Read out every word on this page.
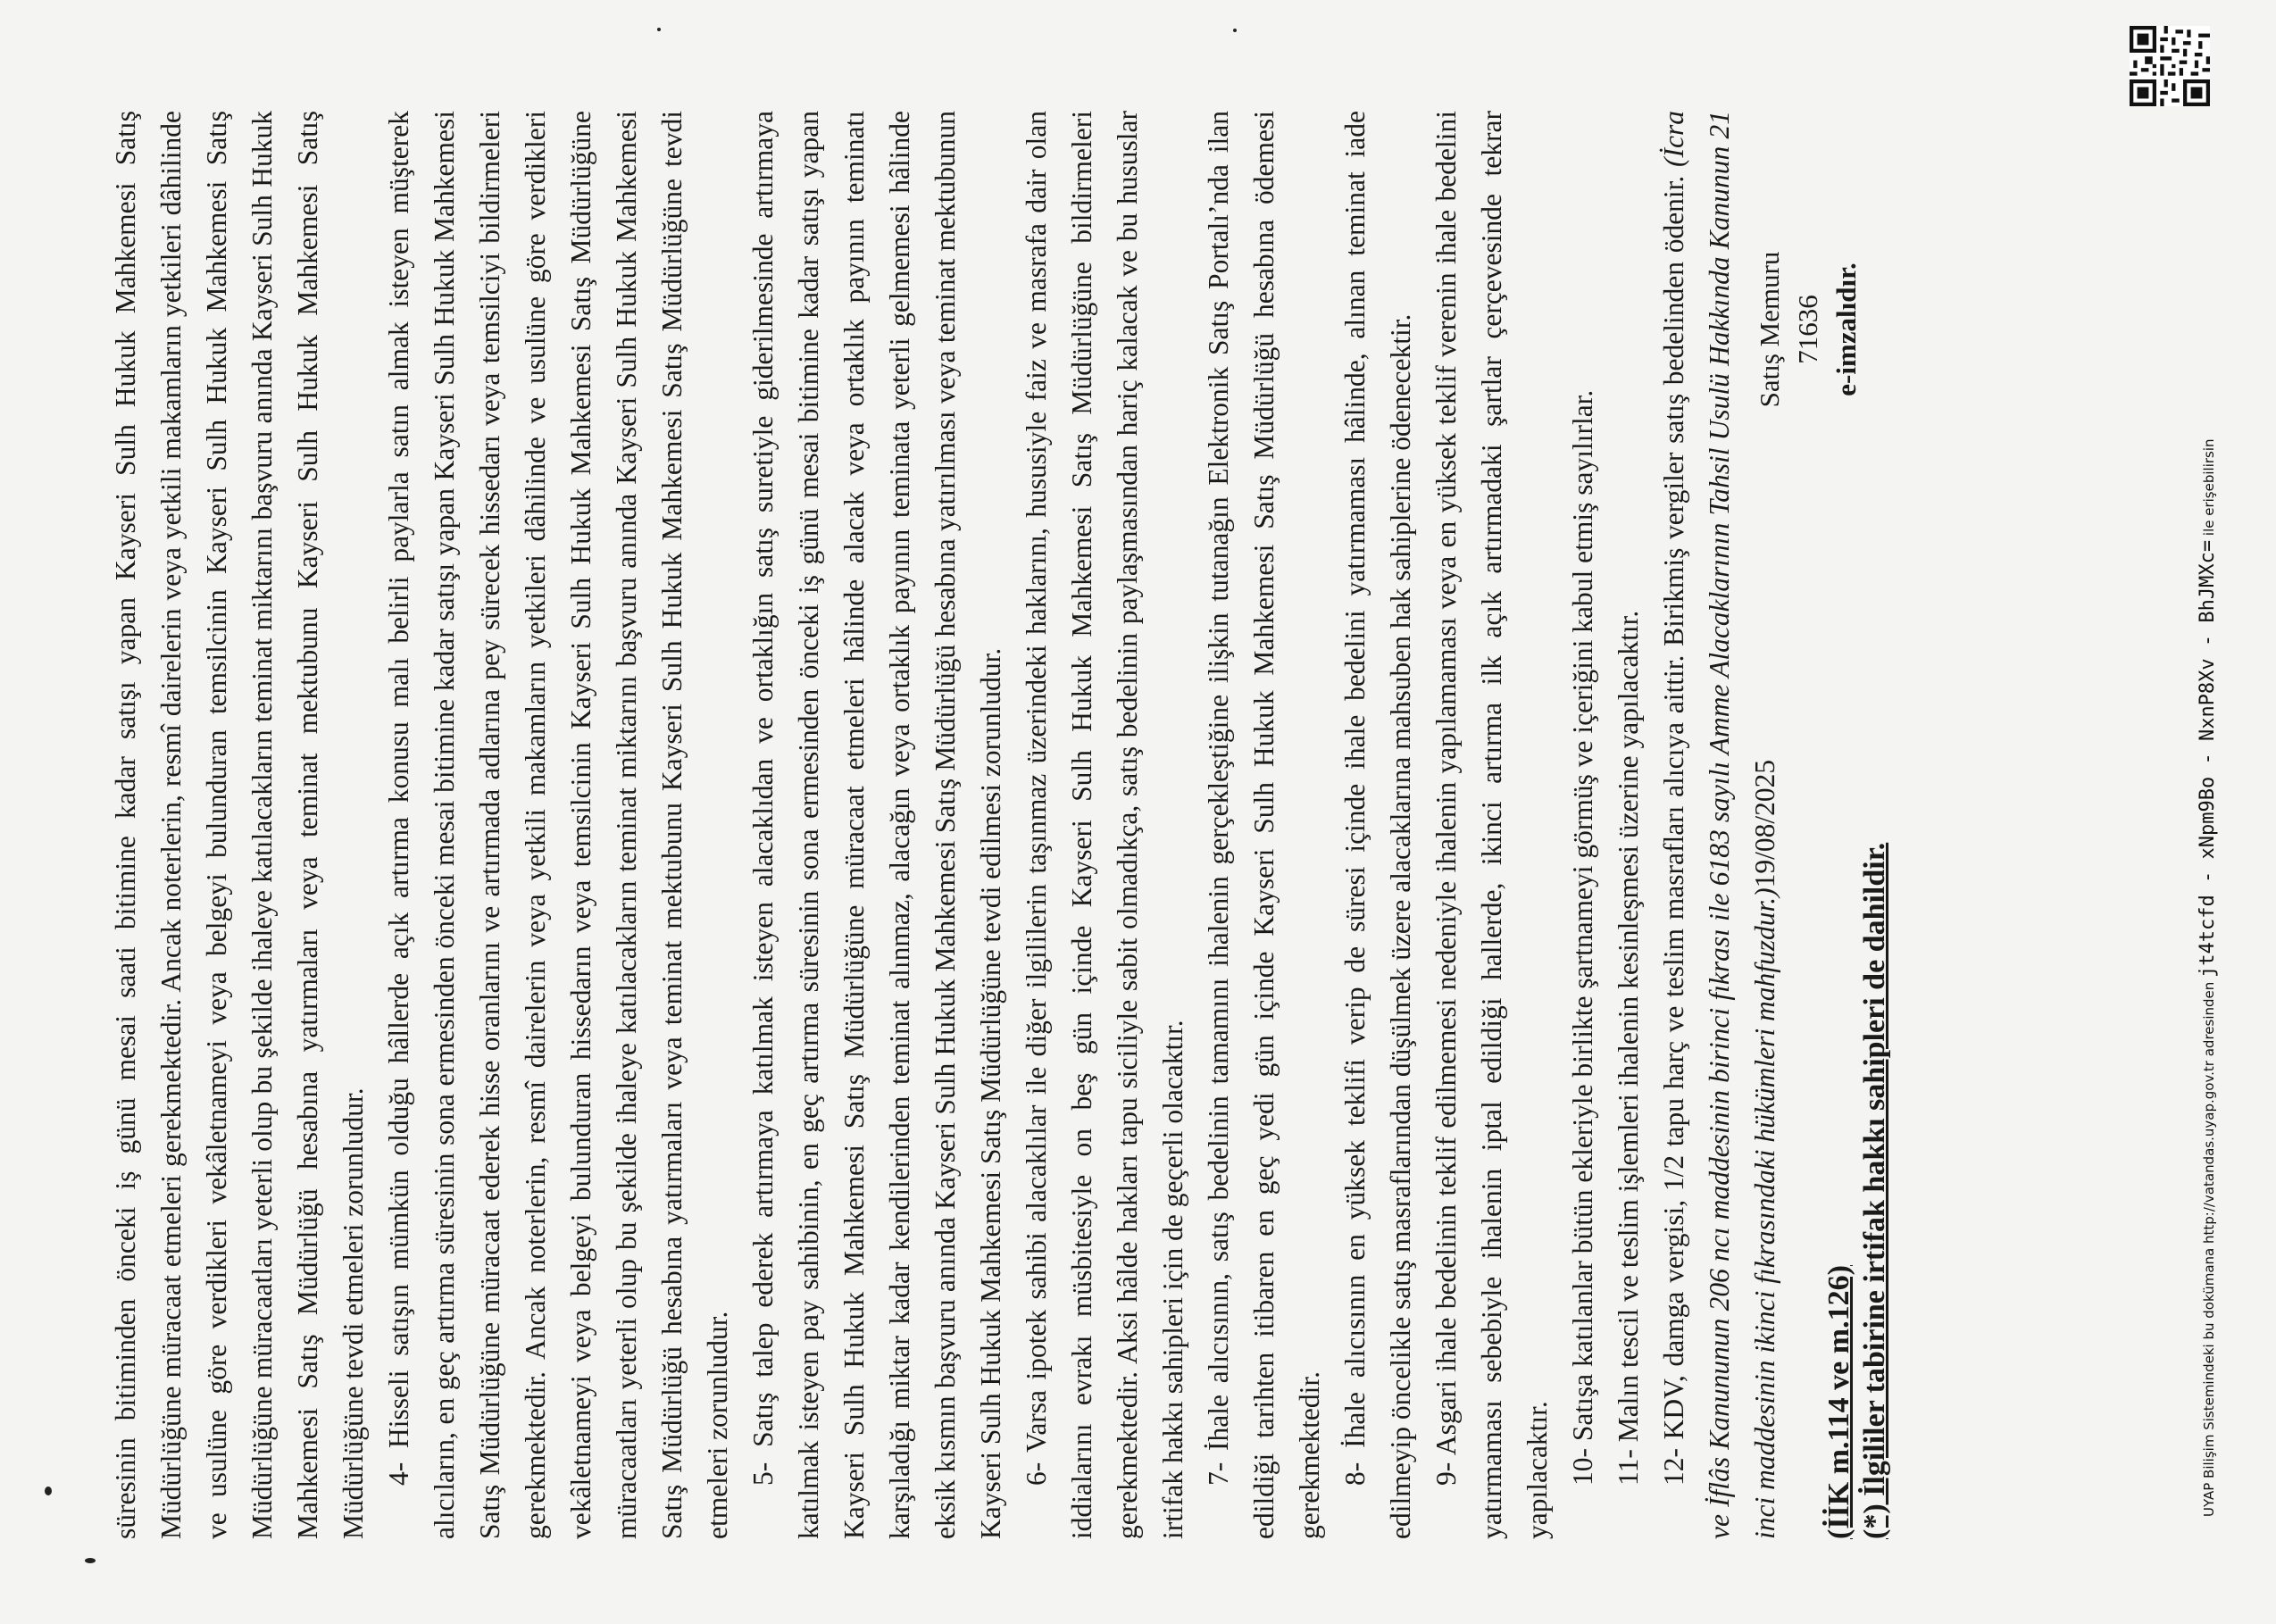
süresinin bitiminden önceki iş günü mesai saati bitimine kadar satışı yapan Kayseri Sulh Hukuk Mahkemesi Satış Müdürlüğüne müracaat etmeleri gerekmektedir. Ancak noterlerin, resmî dairelerin veya yetkili makamların yetkileri dâhilinde ve usulüne göre verdikleri vekâletnameyi veya belgeyi bulunduran temsilcinin Kayseri Sulh Hukuk Mahkemesi Satış Müdürlüğüne müracaatları yeterli olup bu şekilde ihaleye katılacakların teminat miktarını başvuru anında Kayseri Sulh Hukuk Mahkemesi Satış Müdürlüğü hesabına yatırmaları veya teminat mektubunu Kayseri Sulh Hukuk Mahkemesi Satış Müdürlüğüne tevdi etmeleri zorunludur. 4- Hisseli satışın mümkün olduğu hâllerde açık artırma konusu malı belirli paylarla satın almak isteyen müşterek alıcıların, en geç artırma süresinin sona ermesinden önceki mesai bitimine kadar satışı yapan Kayseri Sulh Hukuk Mahkemesi Satış Müdürlüğüne müracaat ederek hisse oranlarını ve artırmada adlarına pey sürecek hissedarı veya temsilciyi bildirmeleri gerekmektedir. Ancak noterlerin, resmî dairelerin veya yetkili makamların yetkileri dâhilinde ve usulüne göre verdikleri vekâletnameyi veya belgeyi bulunduran hissedarın veya temsilcinin Kayseri Sulh Hukuk Mahkemesi Satış Müdürlüğüne müracaatları yeterli olup bu şekilde ihaleye katılacakların teminat miktarını başvuru anında Kayseri Sulh Hukuk Mahkemesi Satış Müdürlüğü hesabına yatırmaları veya teminat mektubunu Kayseri Sulh Hukuk Mahkemesi Satış Müdürlüğüne tevdi etmeleri zorunludur. 5- Satış talep ederek artırmaya katılmak isteyen alacaklıdan ve ortaklığın satış suretiyle giderilmesinde artırmaya katılmak isteyen pay sahibinin, en geç artırma süresinin sona ermesinden önceki iş günü mesai bitimine kadar satışı yapan Kayseri Sulh Hukuk Mahkemesi Satış Müdürlüğüne müracaat etmeleri hâlinde alacak veya ortaklık payının teminatı karşıladığı miktar kadar kendilerinden teminat alınmaz, alacağın veya ortaklık payının teminata yeterli gelmemesi hâlinde eksik kısmın başvuru anında Kayseri Sulh Hukuk Mahkemesi Satış Müdürlüğü hesabına yatırılması veya teminat mektubunun Kayseri Sulh Hukuk Mahkemesi Satış Müdürlüğüne tevdi edilmesi zorunludur. 6- Varsa ipotek sahibi alacaklılar ile diğer ilgililerin taşınmaz üzerindeki haklarını, hususiyle faiz ve masrafa dair olan iddialarını evrakı müsbitesiyle on beş gün içinde Kayseri Sulh Hukuk Mahkemesi Satış Müdürlüğüne bildirmeleri gerekmektedir. Aksi hâlde hakları tapu siciliyle sabit olmadıkça, satış bedelinin paylaşmasından hariç kalacak ve bu hususlar irtifak hakkı sahipleri için de geçerli olacaktır. 7- İhale alıcısının, satış bedelinin tamamını ihalenin gerçekleştiğine ilişkin tutanağın Elektronik Satış Portalı’nda ilan edildiği tarihten itibaren en geç yedi gün içinde Kayseri Sulh Hukuk Mahkemesi Satış Müdürlüğü hesabına ödemesi gerekmektedir. 8- İhale alıcısının en yüksek teklifi verip de süresi içinde ihale bedelini yatırmaması hâlinde, alınan teminat iade edilmeyip öncelikle satış masraflarından düşülmek üzere alacaklarına mahsuben hak sahiplerine ödenecektir. 9- Asgari ihale bedelinin teklif edilmemesi nedeniyle ihalenin yapılamaması veya en yüksek teklif verenin ihale bedelini yatırmaması sebebiyle ihalenin iptal edildiği hallerde, ikinci artırma ilk açık artırmadaki şartlar çerçevesinde tekrar yapılacaktır. 10- Satışa katılanlar bütün ekleriyle birlikte şartnameyi görmüş ve içeriğini kabul etmiş sayılırlar. 11- Malın tescil ve teslim işlemleri ihalenin kesinleşmesi üzerine yapılacaktır. 12- KDV, damga vergisi, 1/2 tapu harç ve teslim masrafları alıcıya aittir. Birikmiş vergiler satış bedelinden ödenir. (İcra ve İflâs Kanununun 206 ncı maddesinin birinci fıkrası ile 6183 sayılı Amme Alacaklarının Tahsil Usulü Hakkında Kanunun 21 inci maddesinin ikinci fıkrasındaki hükümleri mahfuzdur.)19/08/2025

Satış Memuru 71636 e-imzalıdır.
(İİK m.114 ve m.126) (*) İlgililer tabirine irtifak hakkı sahipleri de dahildir.	UYAP Bilişim Sistemindeki bu dokümana http://vatandas.uyap.gov.tr adresinden jt4tcfd - xNpm9Bo - NxnP8Xv - BhJMXc= ile erişebilirsin
